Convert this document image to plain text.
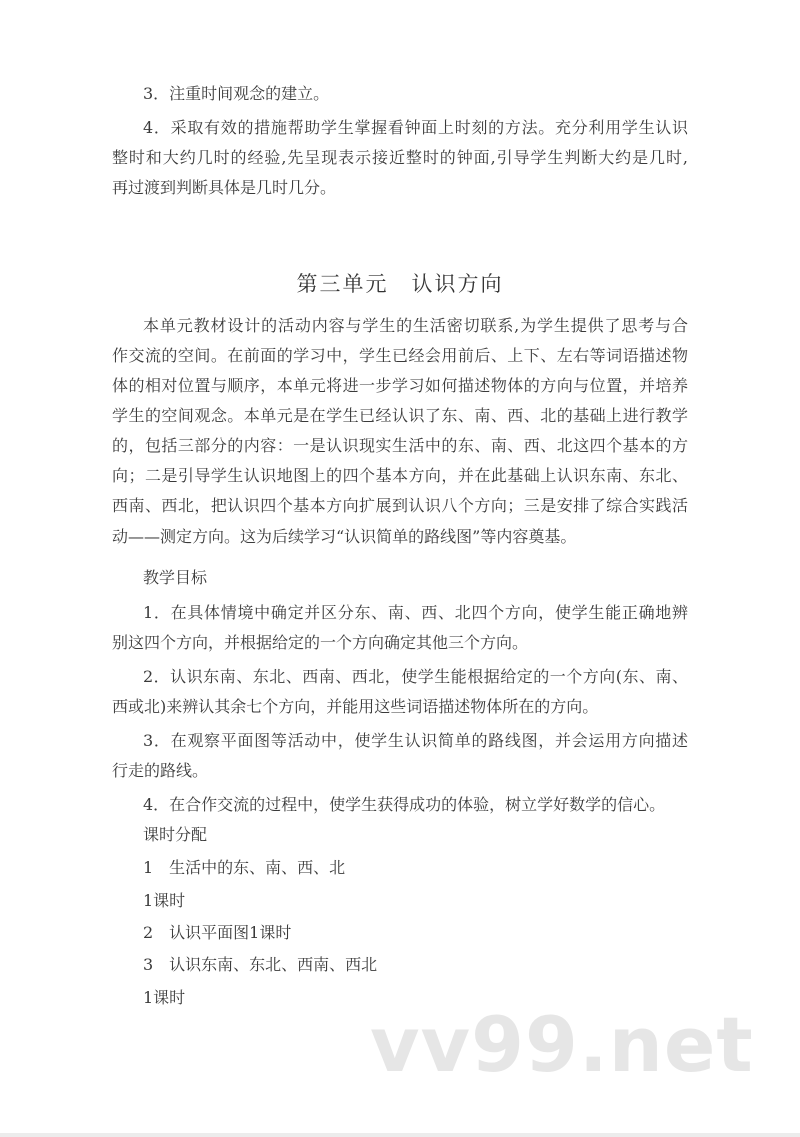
3．注重时间观念的建立。
4．采取有效的措施帮助学生掌握看钟面上时刻的方法。充分利用学生认识
整时和大约几时的经验,先呈现表示接近整时的钟面,引导学生判断大约是几时,
再过渡到判断具体是几时几分。
第三单元　认识方向
本单元教材设计的活动内容与学生的生活密切联系,为学生提供了思考与合
作交流的空间。在前面的学习中，学生已经会用前后、上下、左右等词语描述物
体的相对位置与顺序，本单元将进一步学习如何描述物体的方向与位置，并培养
学生的空间观念。本单元是在学生已经认识了东、南、西、北的基础上进行教学
的，包括三部分的内容：一是认识现实生活中的东、南、西、北这四个基本的方
向；二是引导学生认识地图上的四个基本方向，并在此基础上认识东南、东北、
西南、西北，把认识四个基本方向扩展到认识八个方向；三是安排了综合实践活
动——测定方向。这为后续学习“认识简单的路线图”等内容奠基。
教学目标
1．在具体情境中确定并区分东、南、西、北四个方向，使学生能正确地辨
别这四个方向，并根据给定的一个方向确定其他三个方向。
2．认识东南、东北、西南、西北，使学生能根据给定的一个方向(东、南、
西或北)来辨认其余七个方向，并能用这些词语描述物体所在的方向。
3．在观察平面图等活动中，使学生认识简单的路线图，并会运用方向描述
行走的路线。
4．在合作交流的过程中，使学生获得成功的体验，树立学好数学的信心。
课时分配
1　生活中的东、南、西、北
1课时
2　认识平面图1课时
3　认识东南、东北、西南、西北
1课时
vv99.net
